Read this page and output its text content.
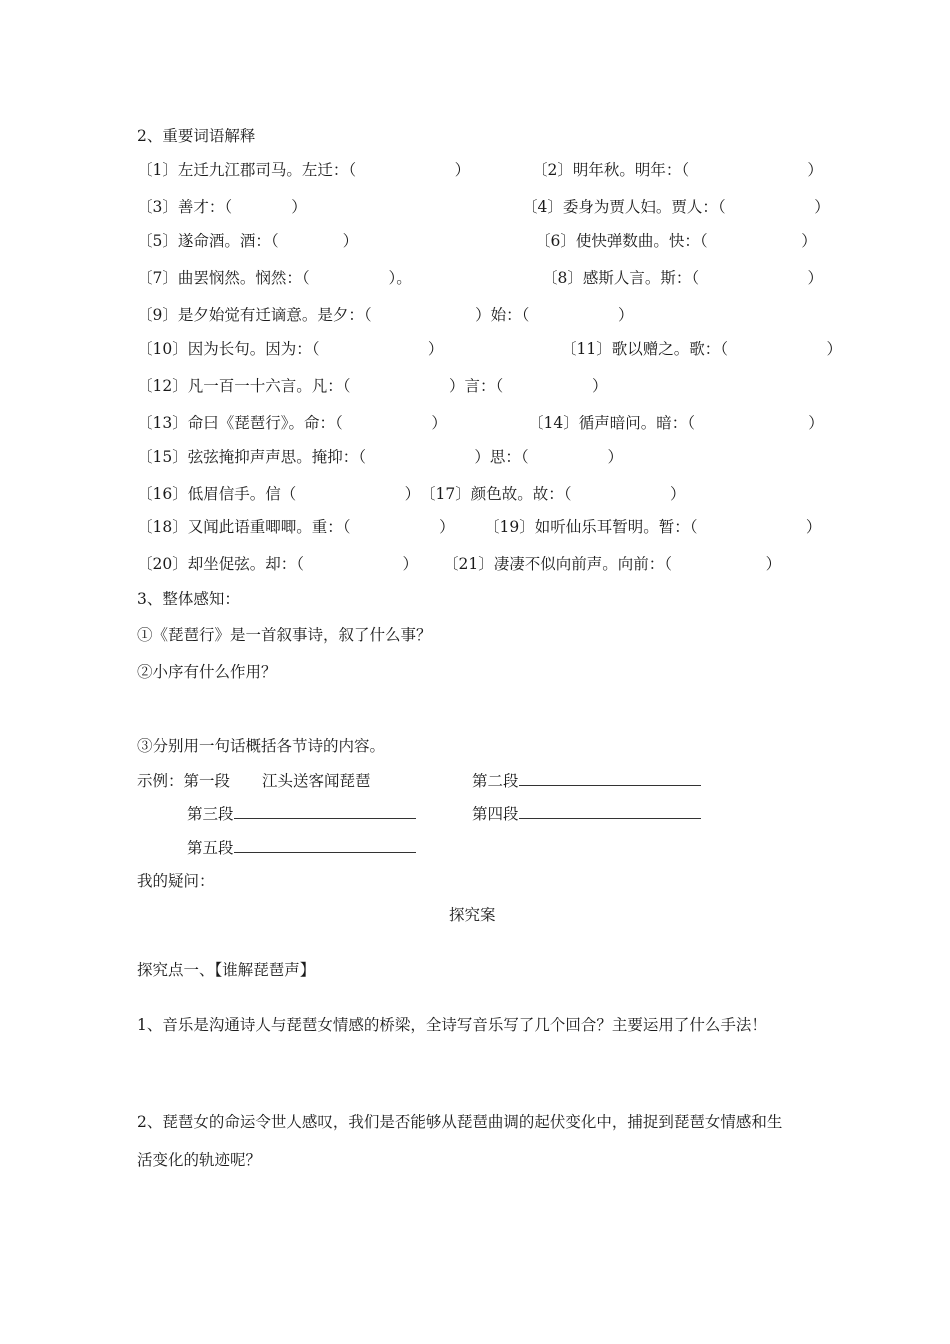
2、重要词语解释
〔1〕左迁九江郡司马。左迁：（                    ）	〔2〕明年秋。明年：（                        ）
〔3〕善才：（            ）	〔4〕委身为贾人妇。贾人：（                  ）
〔5〕遂命酒。酒：（             ）	〔6〕使快弹数曲。快：（                   ）
〔7〕曲罢悯然。悯然：（                ）。	〔8〕感斯人言。斯：（                      ）
〔9〕是夕始觉有迁谪意。是夕：（                     ）始：（                  ）
〔10〕因为长句。因为：（                      ）	〔11〕歌以赠之。歌：（                    ）
〔12〕凡一百一十六言。凡：（                    ）言：（                  ）
〔13〕命曰《琵琶行》。命：（                  ）	〔14〕循声暗问。暗：（                       ）
〔15〕弦弦掩抑声声思。掩抑：（                      ）思：（                ）
〔16〕低眉信手。信（                      ） 〔17〕颜色故。故：（                    ）
〔18〕又闻此语重唧唧。重：（                  ） 〔19〕如听仙乐耳暂明。暂：（                      ）
〔20〕却坐促弦。却：（                    ） 〔21〕凄凄不似向前声。向前：（                   ）
3、整体感知：
①《琵琶行》是一首叙事诗，叙了什么事？
②小序有什么作用？
③分别用一句话概括各节诗的内容。
示例：第一段 江头送客闻琵琶	第二段
第三段	第四段
第五段
我的疑问：
探究案
探究点一、【谁解琵琶声】
1、音乐是沟通诗人与琵琶女情感的桥梁，全诗写音乐写了几个回合？主要运用了什么手法！
2、琵琶女的命运令世人感叹，我们是否能够从琵琶曲调的起伏变化中，捕捉到琵琶女情感和生
活变化的轨迹呢？
